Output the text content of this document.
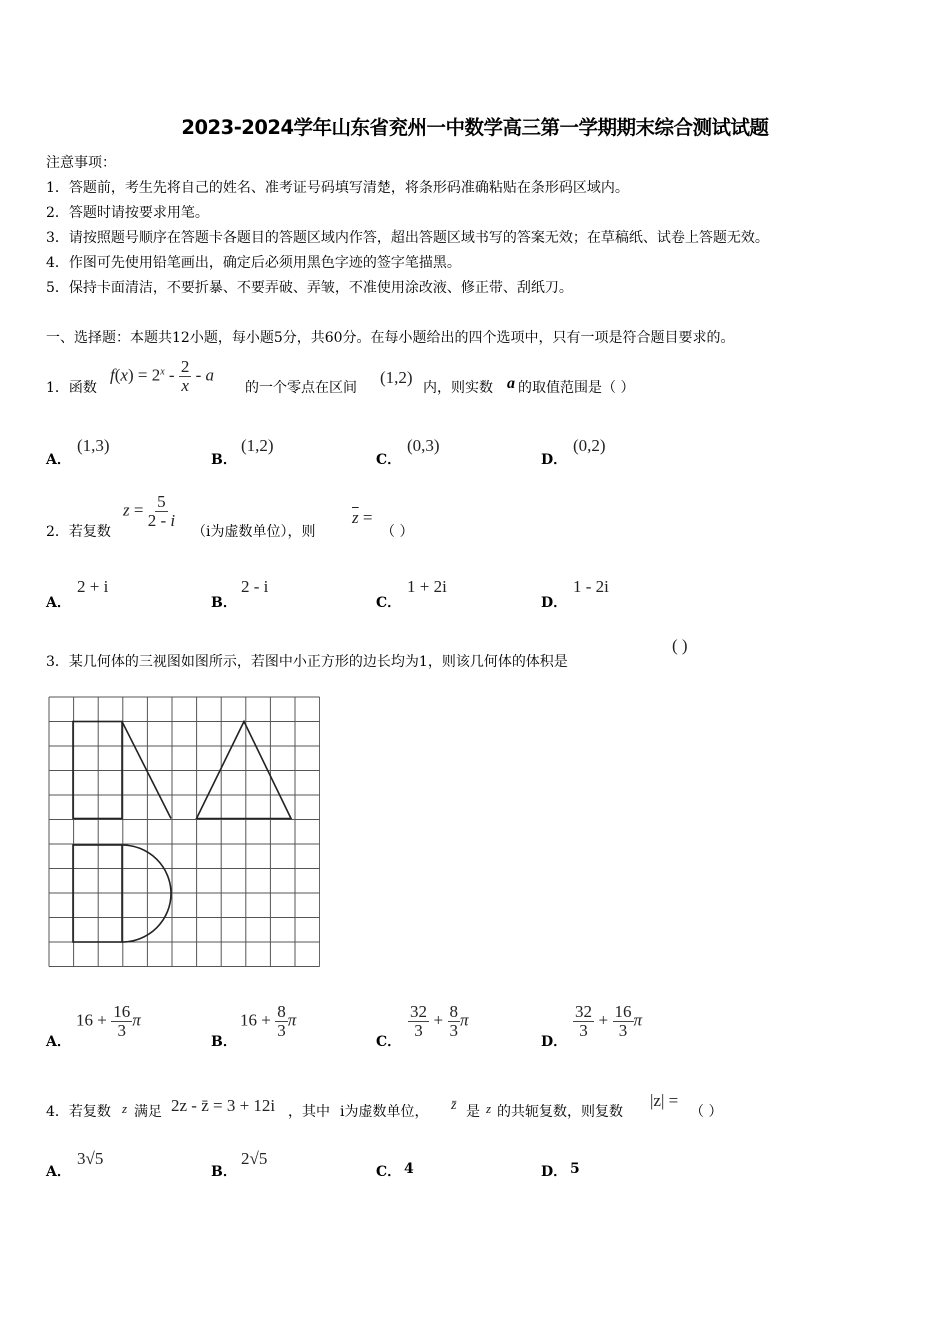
2023-2024学年山东省兖州一中数学高三第一学期期末综合测试试题
注意事项：
1．答题前，考生先将自己的姓名、准考证号码填写清楚，将条形码准确粘贴在条形码区域内。
2．答题时请按要求用笔。
3．请按照题号顺序在答题卡各题目的答题区域内作答，超出答题区域书写的答案无效；在草稿纸、试卷上答题无效。
4．作图可先使用铅笔画出，确定后必须用黑色字迹的签字笔描黑。
5．保持卡面清洁，不要折暴、不要弄破、弄皱，不准使用涂改液、修正带、刮纸刀。
一、选择题：本题共12小题，每小题5分，共60分。在每小题给出的四个选项中，只有一项是符合题目要求的。
1．函数
$f(x) = 2^x - \frac{2}{x} - a$
的一个零点在区间
(1,2)
内，则实数 a 的取值范围是（ ）
A．
(1,3)
B．
(1,2)
C．
(0,3)
D．
(0,2)
2．若复数
$z = \frac{5}{2 - i}$
（ i为虚数单位），则
$\overline{z}$ =
（ ）
A．
2 + i
B．
2 - i
C．
1 + 2i
D．
1 - 2i
3．某几何体的三视图如图所示，若图中小正方形的边长均为1，则该几何体的体积是
( )
A．
$16 + \frac{16}{3}$ π
B．
$16 + \frac{8}{3}$ π
C．
$\frac{32}{3} + \frac{8}{3}$ π
D．
$\frac{32}{3} + \frac{16}{3}$ π
4．若复数 z 满足 2z - z̄ = 3 + 12i ，其中 i为虚数单位， z̄ 是 z 的共轭复数，则复数
|z| =
（ ）
A．
3√5
B．
2√5
C． 4	D． 5
